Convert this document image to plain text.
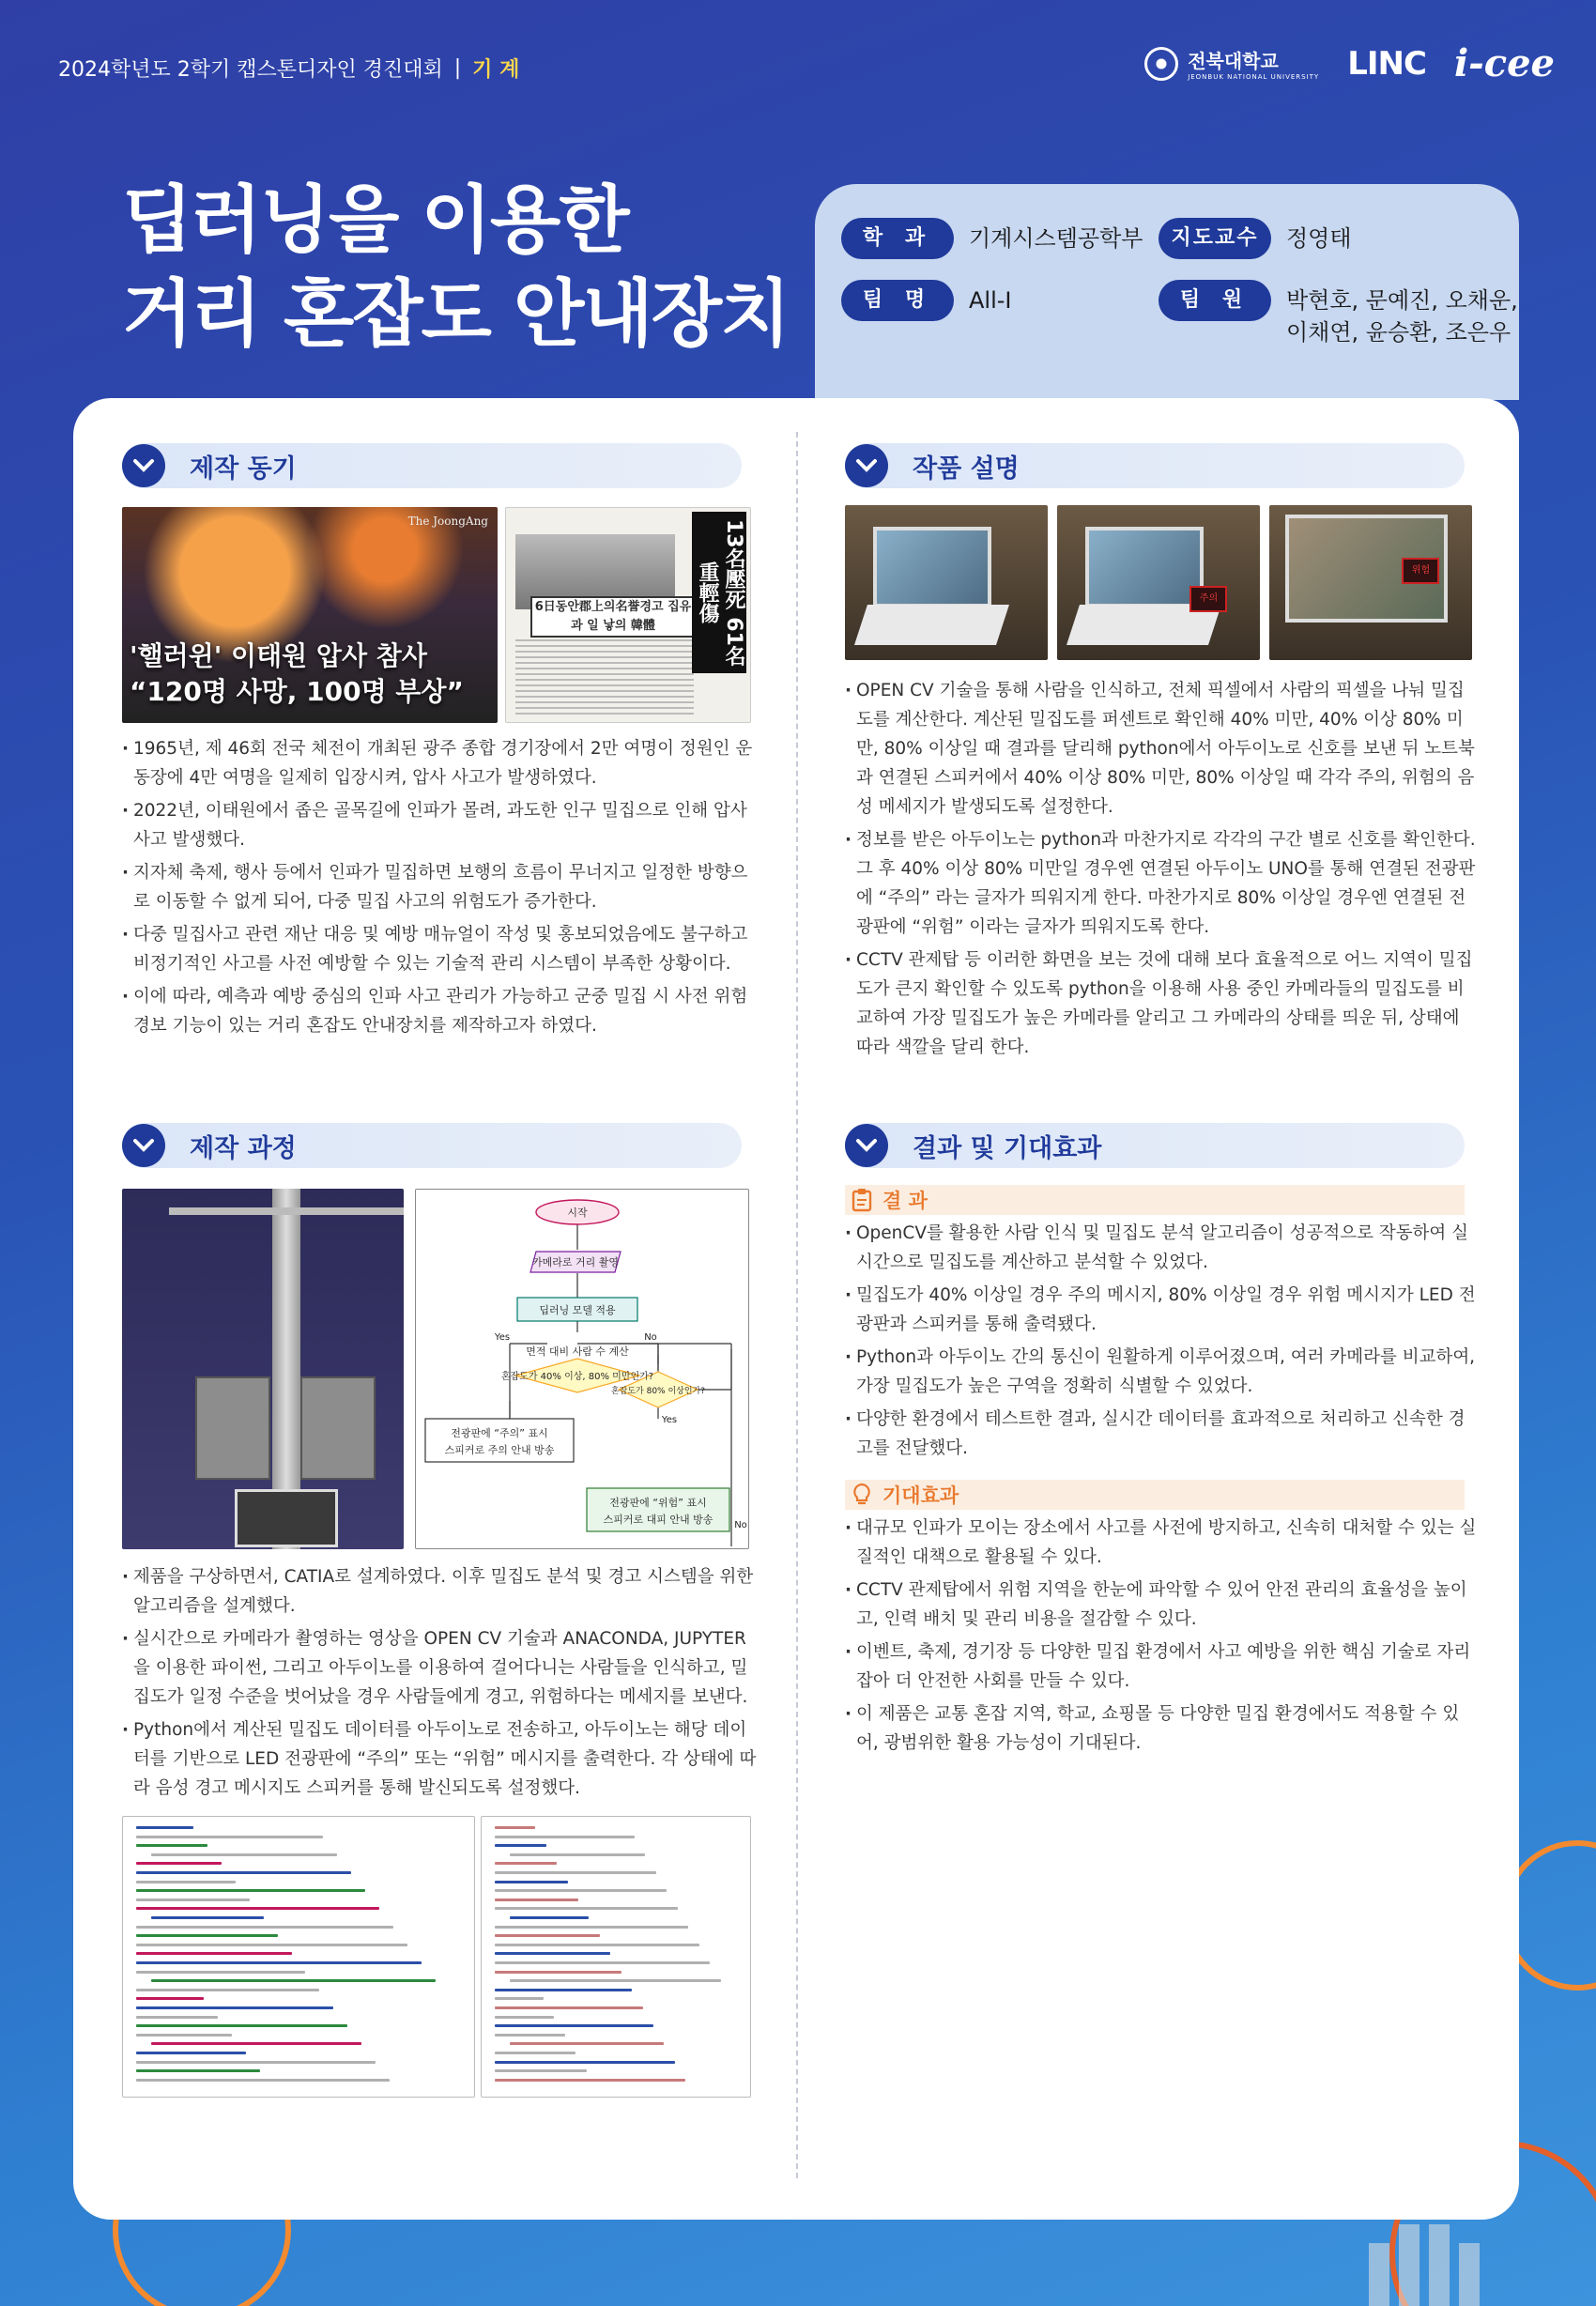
2024학년도 2학기 캡스톤디자인 경진대회 | 기 계	전북대학교
JEONBUK NATIONAL UNIVERSITY LINC i-cee
딥러닝을 이용한
거리 혼잡도 안내장치
학 과	기계시스템공학부	지도교수	정영태
팀 명	All-I	팀 원	박현호, 문예진, 오채운,
이채연, 윤승환, 조은우
제작 동기
The JoongAng
'핼러윈' 이태원 압사 참사
“120명 사망, 100명 부상”
6日동안郡上의名誉경고 집유과 일 낳의 韓體	13名壓死 61名重輕傷
· 1965년, 제 46회 전국 체전이 개최된 광주 종합 경기장에서 2만 여명이 정원인 운동장에 4만 여명을 일제히 입장시켜, 압사 사고가 발생하였다.
· 2022년, 이태원에서 좁은 골목길에 인파가 몰려, 과도한 인구 밀집으로 인해 압사 사고 발생했다.
· 지자체 축제, 행사 등에서 인파가 밀집하면 보행의 흐름이 무너지고 일정한 방향으로 이동할 수 없게 되어, 다중 밀집 사고의 위험도가 증가한다.
· 다중 밀집사고 관련 재난 대응 및 예방 매뉴얼이 작성 및 홍보되었음에도 불구하고 비정기적인 사고를 사전 예방할 수 있는 기술적 관리 시스템이 부족한 상황이다.
· 이에 따라, 예측과 예방 중심의 인파 사고 관리가 가능하고 군중 밀집 시 사전 위험 경보 기능이 있는 거리 혼잡도 안내장치를 제작하고자 하였다.
작품 설명
주의
위험
· OPEN CV 기술을 통해 사람을 인식하고, 전체 픽셀에서 사람의 픽셀을 나눠 밀집도를 계산한다. 계산된 밀집도를 퍼센트로 확인해 40% 미만, 40% 이상 80% 미만, 80% 이상일 때 결과를 달리해 python에서 아두이노로 신호를 보낸 뒤 노트북과 연결된 스피커에서 40% 이상 80% 미만, 80% 이상일 때 각각 주의, 위험의 음성 메세지가 발생되도록 설정한다.
· 정보를 받은 아두이노는 python과 마찬가지로 각각의 구간 별로 신호를 확인한다. 그 후 40% 이상 80% 미만일 경우엔 연결된 아두이노 UNO를 통해 연결된 전광판에 “주의” 라는 글자가 띄워지게 한다. 마찬가지로 80% 이상일 경우엔 연결된 전광판에 “위험” 이라는 글자가 띄워지도록 한다.
· CCTV 관제탑 등 이러한 화면을 보는 것에 대해 보다 효율적으로 어느 지역이 밀집도가 큰지 확인할 수 있도록 python을 이용해 사용 중인 카메라들의 밀집도를 비교하여 가장 밀집도가 높은 카메라를 알리고 그 카메라의 상태를 띄운 뒤, 상태에 따라 색깔을 달리 한다.
제작 과정
시작
카메라로 거리 촬영
딥러닝 모델 적용
면적 대비 사람 수 계산
혼잡도가 40% 이상, 80% 미만인가?
Yes	No
전광판에 “주의” 표시
스피커로 주의 안내 방송
혼잡도가 80% 이상인가?
Yes
전광판에 “위험” 표시
스피커로 대피 안내 방송 No
· 제품을 구상하면서, CATIA로 설계하였다. 이후 밀집도 분석 및 경고 시스템을 위한 알고리즘을 설계했다.
· 실시간으로 카메라가 촬영하는 영상을 OPEN CV 기술과 ANACONDA, JUPYTER을 이용한 파이썬, 그리고 아두이노를 이용하여 걸어다니는 사람들을 인식하고, 밀집도가 일정 수준을 벗어났을 경우 사람들에게 경고, 위험하다는 메세지를 보낸다.
· Python에서 계산된 밀집도 데이터를 아두이노로 전송하고, 아두이노는 해당 데이터를 기반으로 LED 전광판에 “주의” 또는 “위험” 메시지를 출력한다. 각 상태에 따라 음성 경고 메시지도 스피커를 통해 발신되도록 설정했다.
결과 및 기대효과
결 과
· OpenCV를 활용한 사람 인식 및 밀집도 분석 알고리즘이 성공적으로 작동하여 실시간으로 밀집도를 계산하고 분석할 수 있었다.
· 밀집도가 40% 이상일 경우 주의 메시지, 80% 이상일 경우 위험 메시지가 LED 전광판과 스피커를 통해 출력됐다.
· Python과 아두이노 간의 통신이 원활하게 이루어졌으며, 여러 카메라를 비교하여, 가장 밀집도가 높은 구역을 정확히 식별할 수 있었다.
· 다양한 환경에서 테스트한 결과, 실시간 데이터를 효과적으로 처리하고 신속한 경고를 전달했다.
기대효과
· 대규모 인파가 모이는 장소에서 사고를 사전에 방지하고, 신속히 대처할 수 있는 실질적인 대책으로 활용될 수 있다.
· CCTV 관제탑에서 위험 지역을 한눈에 파악할 수 있어 안전 관리의 효율성을 높이고, 인력 배치 및 관리 비용을 절감할 수 있다.
· 이벤트, 축제, 경기장 등 다양한 밀집 환경에서 사고 예방을 위한 핵심 기술로 자리 잡아 더 안전한 사회를 만들 수 있다.
· 이 제품은 교통 혼잡 지역, 학교, 쇼핑몰 등 다양한 밀집 환경에서도 적용할 수 있어, 광범위한 활용 가능성이 기대된다.
